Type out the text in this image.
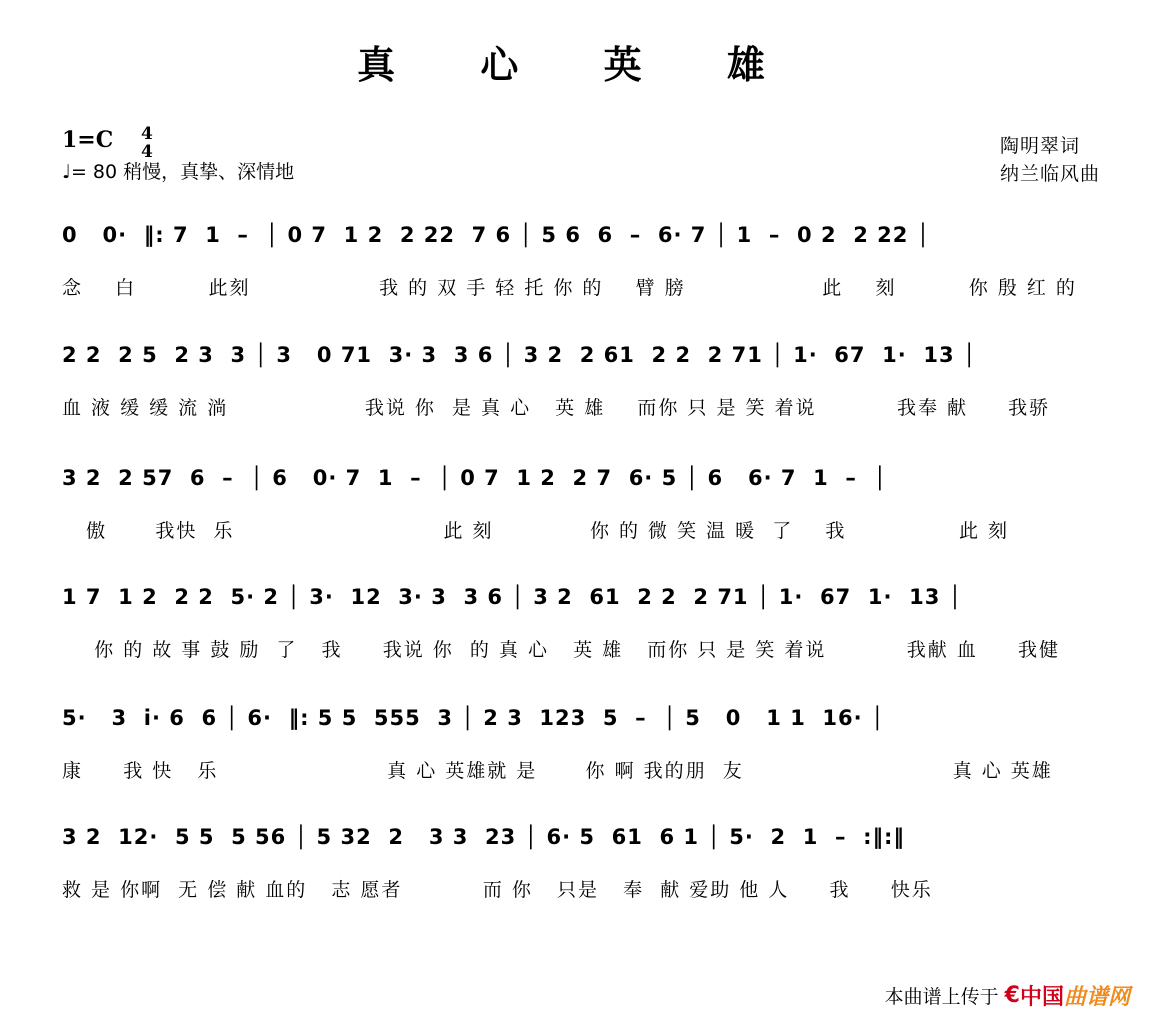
真 心 英 雄
1=C 4
4
♩= 80 稍慢，真挚、深情地
陶明翠词
纳兰临风曲
0   0·  ‖: 7  1  –  │ 0 7  1 2  2 22  7 6 │ 5 6  6  –  6· 7 │ 1  –  0 2  2 22 │
念    白         此刻                我 的 双 手 轻 托 你 的    臂 膀                 此    刻         你 殷 红 的
2 2  2 5  2 3  3 │ 3   0 71  3· 3  3 6 │ 3 2  2 61  2 2  2 71 │ 1·  67  1·  13 │
血 液 缓 缓 流 淌                 我说 你  是 真 心   英 雄    而你 只 是 笑 着说          我奉 献     我骄
3 2  2 57  6  –  │ 6   0· 7  1  –  │ 0 7  1 2  2 7  6· 5 │ 6   6· 7  1  –  │
傲      我快  乐                          此 刻            你 的 微 笑 温 暖  了    我              此 刻
1 7  1 2  2 2  5· 2 │ 3·  12  3· 3  3 6 │ 3 2  61  2 2  2 71 │ 1·  67  1·  13 │
你 的 故 事 鼓 励  了   我     我说 你  的 真 心   英 雄   而你 只 是 笑 着说          我献 血     我健
5·   3  i· 6  6 │ 6·  ‖: 5 5  555  3 │ 2 3  123  5  –  │ 5   0   1 1  16· │
康     我 快   乐                     真 心 英雄就 是      你 啊 我的朋  友                          真 心 英雄
3 2  12·  5 5  5 56 │ 5 32  2   3 3  23 │ 6· 5  61  6 1 │ 5·  2  1  –  :‖:‖
救 是 你啊  无 偿 献 血的   志 愿者          而 你   只是   奉  献 爱助 他 人     我     快乐
本曲谱上传于 € 中国 曲谱网
